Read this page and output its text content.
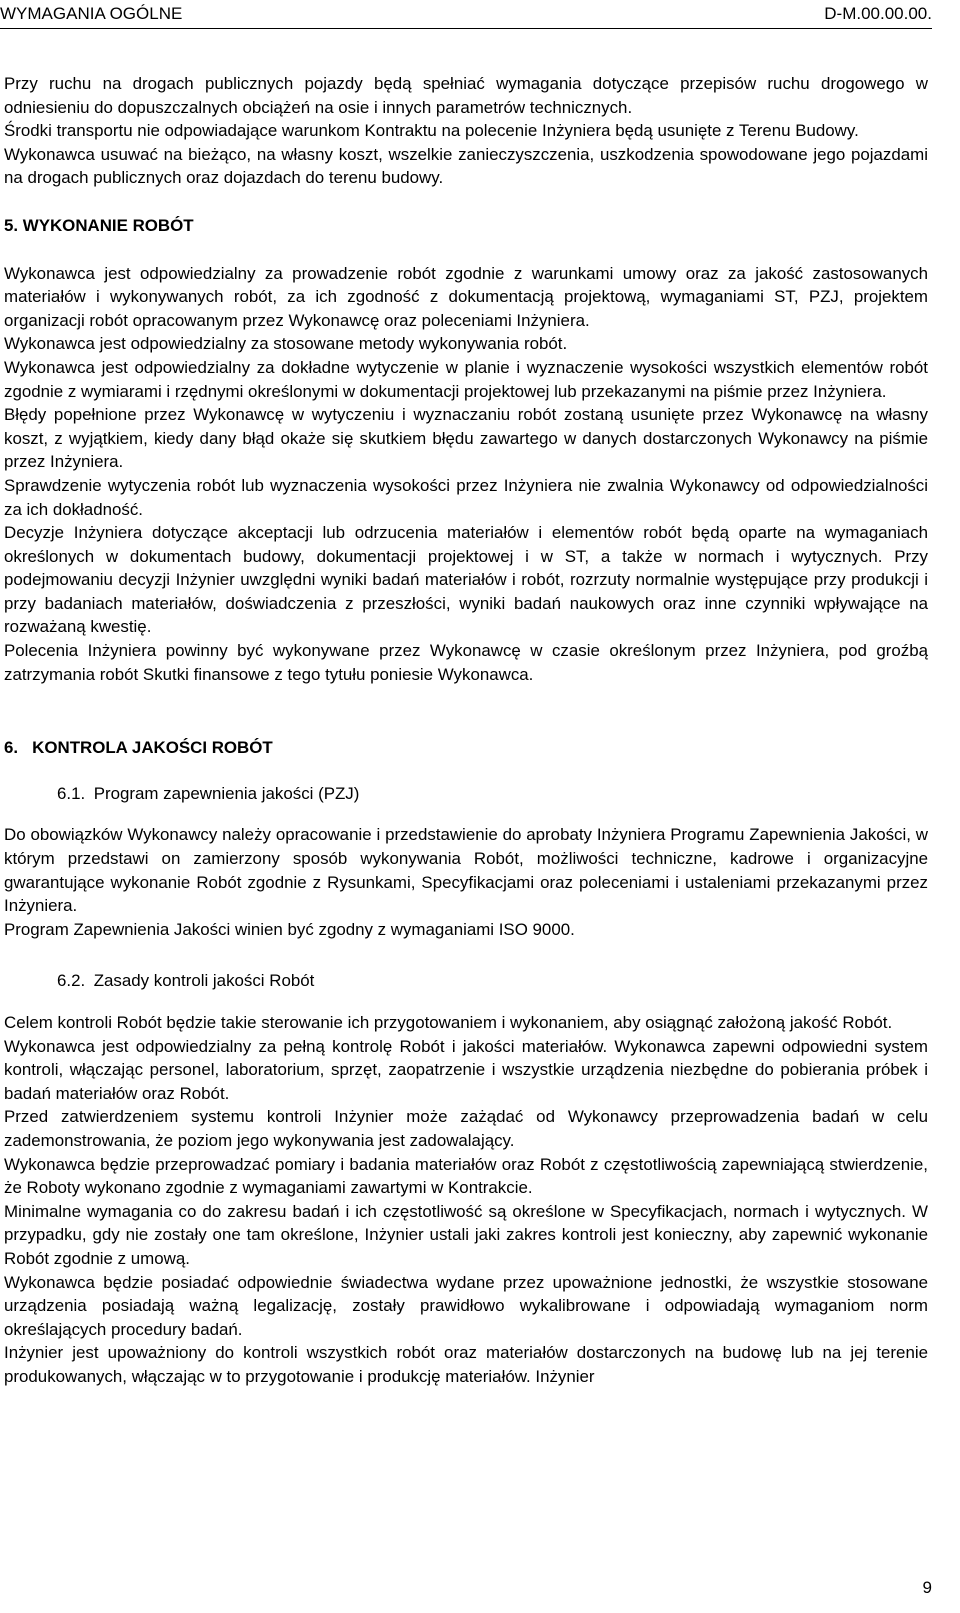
WYMAGANIA OGÓLNE	D-M.00.00.00.

Przy ruchu na drogach publicznych pojazdy będą spełniać wymagania dotyczące przepisów ruchu drogowego w odniesieniu do dopuszczalnych obciążeń na osie i innych parametrów technicznych.

Środki transportu nie odpowiadające warunkom Kontraktu na polecenie Inżyniera będą usunięte z Terenu Budowy.

Wykonawca usuwać na bieżąco, na własny koszt, wszelkie zanieczyszczenia, uszkodzenia spowodowane jego pojazdami na drogach publicznych oraz dojazdach do terenu budowy.

5. WYKONANIE ROBÓT

Wykonawca jest odpowiedzialny za prowadzenie robót zgodnie z warunkami umowy oraz za jakość zastosowanych materiałów i wykonywanych robót, za ich zgodność z dokumentacją projektową, wymaganiami ST, PZJ, projektem organizacji robót opracowanym przez Wykonawcę oraz poleceniami Inżyniera.

Wykonawca jest odpowiedzialny za stosowane metody wykonywania robót.

Wykonawca jest odpowiedzialny za dokładne wytyczenie w planie i wyznaczenie wysokości wszystkich elementów robót zgodnie z wymiarami i rzędnymi określonymi w dokumentacji projektowej lub przekazanymi na piśmie przez Inżyniera.

Błędy popełnione przez Wykonawcę w wytyczeniu i wyznaczaniu robót zostaną usunięte przez Wykonawcę na własny koszt, z wyjątkiem, kiedy dany błąd okaże się skutkiem błędu zawartego w danych dostarczonych Wykonawcy na piśmie przez Inżyniera.

Sprawdzenie wytyczenia robót lub wyznaczenia wysokości przez Inżyniera nie zwalnia Wykonawcy od odpowiedzialności za ich dokładność.

Decyzje Inżyniera dotyczące akceptacji lub odrzucenia materiałów i elementów robót będą oparte na wymaganiach określonych w dokumentach budowy, dokumentacji projektowej i w ST, a także w normach i wytycznych. Przy podejmowaniu decyzji Inżynier uwzględni wyniki badań materiałów i robót, rozrzuty normalnie występujące przy produkcji i przy badaniach materiałów, doświadczenia z przeszłości, wyniki badań naukowych oraz inne czynniki wpływające na rozważaną kwestię.

Polecenia Inżyniera powinny być wykonywane przez Wykonawcę w czasie określonym przez Inżyniera, pod groźbą zatrzymania robót Skutki finansowe z tego tytułu poniesie Wykonawca.

6.   KONTROLA JAKOŚCI ROBÓT
6.1. Program zapewnienia jakości (PZJ)

Do obowiązków Wykonawcy należy opracowanie i przedstawienie do aprobaty Inżyniera Programu Zapewnienia Jakości, w którym przedstawi on zamierzony sposób wykonywania Robót, możliwości techniczne, kadrowe i organizacyjne gwarantujące wykonanie Robót zgodnie z Rysunkami, Specyfikacjami oraz poleceniami i ustaleniami przekazanymi przez Inżyniera.

Program Zapewnienia Jakości winien być zgodny z wymaganiami ISO 9000.

6.2. Zasady kontroli jakości Robót

Celem kontroli Robót będzie takie sterowanie ich przygotowaniem i wykonaniem, aby osiągnąć założoną jakość Robót.

Wykonawca jest odpowiedzialny za pełną kontrolę Robót i jakości materiałów. Wykonawca zapewni odpowiedni system kontroli, włączając personel, laboratorium, sprzęt, zaopatrzenie i wszystkie urządzenia niezbędne do pobierania próbek i badań materiałów oraz Robót.

Przed zatwierdzeniem systemu kontroli Inżynier może zażądać od Wykonawcy przeprowadzenia badań w celu zademonstrowania, że poziom jego wykonywania jest zadowalający.

Wykonawca będzie przeprowadzać pomiary i badania materiałów oraz Robót z częstotliwością zapewniającą stwierdzenie, że Roboty wykonano zgodnie z wymaganiami zawartymi w Kontrakcie.

Minimalne wymagania co do zakresu badań i ich częstotliwość są określone w Specyfikacjach, normach i wytycznych. W przypadku, gdy nie zostały one tam określone, Inżynier ustali jaki zakres kontroli jest konieczny, aby zapewnić wykonanie Robót zgodnie z umową.

Wykonawca będzie posiadać odpowiednie świadectwa wydane przez upoważnione jednostki, że wszystkie stosowane urządzenia posiadają ważną legalizację, zostały prawidłowo wykalibrowane i odpowiadają wymaganiom norm określających procedury badań.

Inżynier jest upoważniony do kontroli wszystkich robót oraz materiałów dostarczonych na budowę lub na jej terenie produkowanych, włączając w to przygotowanie i produkcję materiałów. Inżynier

9
